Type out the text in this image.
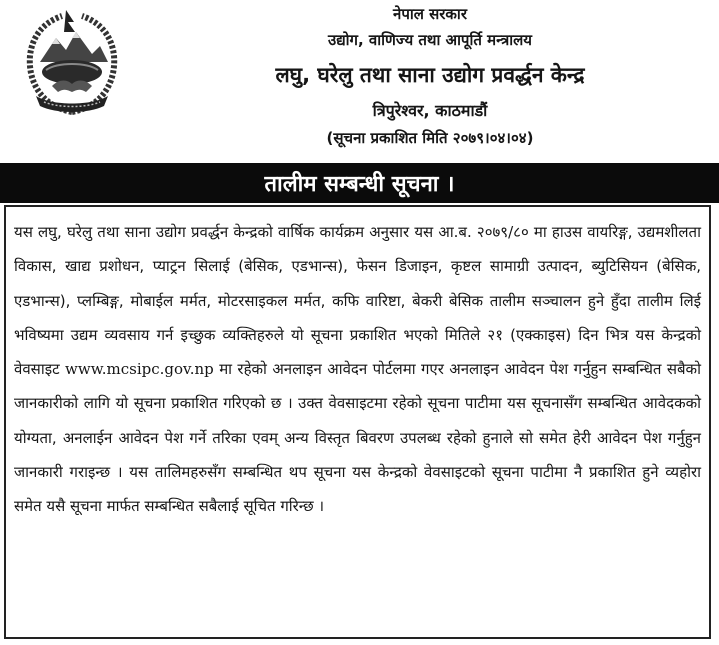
नेपाल सरकार
उद्योग, वाणिज्य तथा आपूर्ति मन्त्रालय
लघु, घरेलु तथा साना उद्योग प्रवर्द्धन केन्द्र
त्रिपुरेश्वर, काठमाडौं
(सूचना प्रकाशित मिति २०७९।०४।०४)
तालीम सम्बन्धी सूचना ।

यस लघु, घरेलु तथा साना उद्योग प्रवर्द्धन केन्द्रको वार्षिक कार्यक्रम अनुसार यस आ.ब. २०७९/८० मा हाउस वायरिङ्ग, उद्यमशीलता विकास, खाद्य प्रशोधन, प्याट्रन सिलाई (बेसिक, एडभान्स), फेसन डिजाइन, कृष्टल सामाग्री उत्पादन, ब्युटिसियन (बेसिक, एडभान्स), प्लम्बिङ्ग, मोबाईल मर्मत, मोटरसाइकल मर्मत, कफि वारिष्टा, बेकरी बेसिक तालीम सञ्चालन हुने हुँदा तालीम लिई भविष्यमा उद्यम व्यवसाय गर्न इच्छुक व्यक्तिहरुले यो सूचना प्रकाशित भएको मितिले २१ (एक्काइस) दिन भित्र यस केन्द्रको वेवसाइट www.mcsipc.gov.np मा रहेको अनलाइन आवेदन पोर्टलमा गएर अनलाइन आवेदन पेश गर्नुहुन सम्बन्धित सबैको जानकारीको लागि यो सूचना प्रकाशित गरिएको छ । उक्त वेवसाइटमा रहेको सूचना पाटीमा यस सूचनासँग सम्बन्धित आवेदकको योग्यता, अनलाईन आवेदन पेश गर्ने तरिका एवम् अन्य विस्तृत बिवरण उपलब्ध रहेको हुनाले सो समेत हेरी आवेदन पेश गर्नुहुन जानकारी गराइन्छ । यस तालिमहरुसँग सम्बन्धित थप सूचना यस केन्द्रको वेवसाइटको सूचना पाटीमा नै प्रकाशित हुने व्यहोरा समेत यसै सूचना मार्फत सम्बन्धित सबैलाई सूचित गरिन्छ ।
